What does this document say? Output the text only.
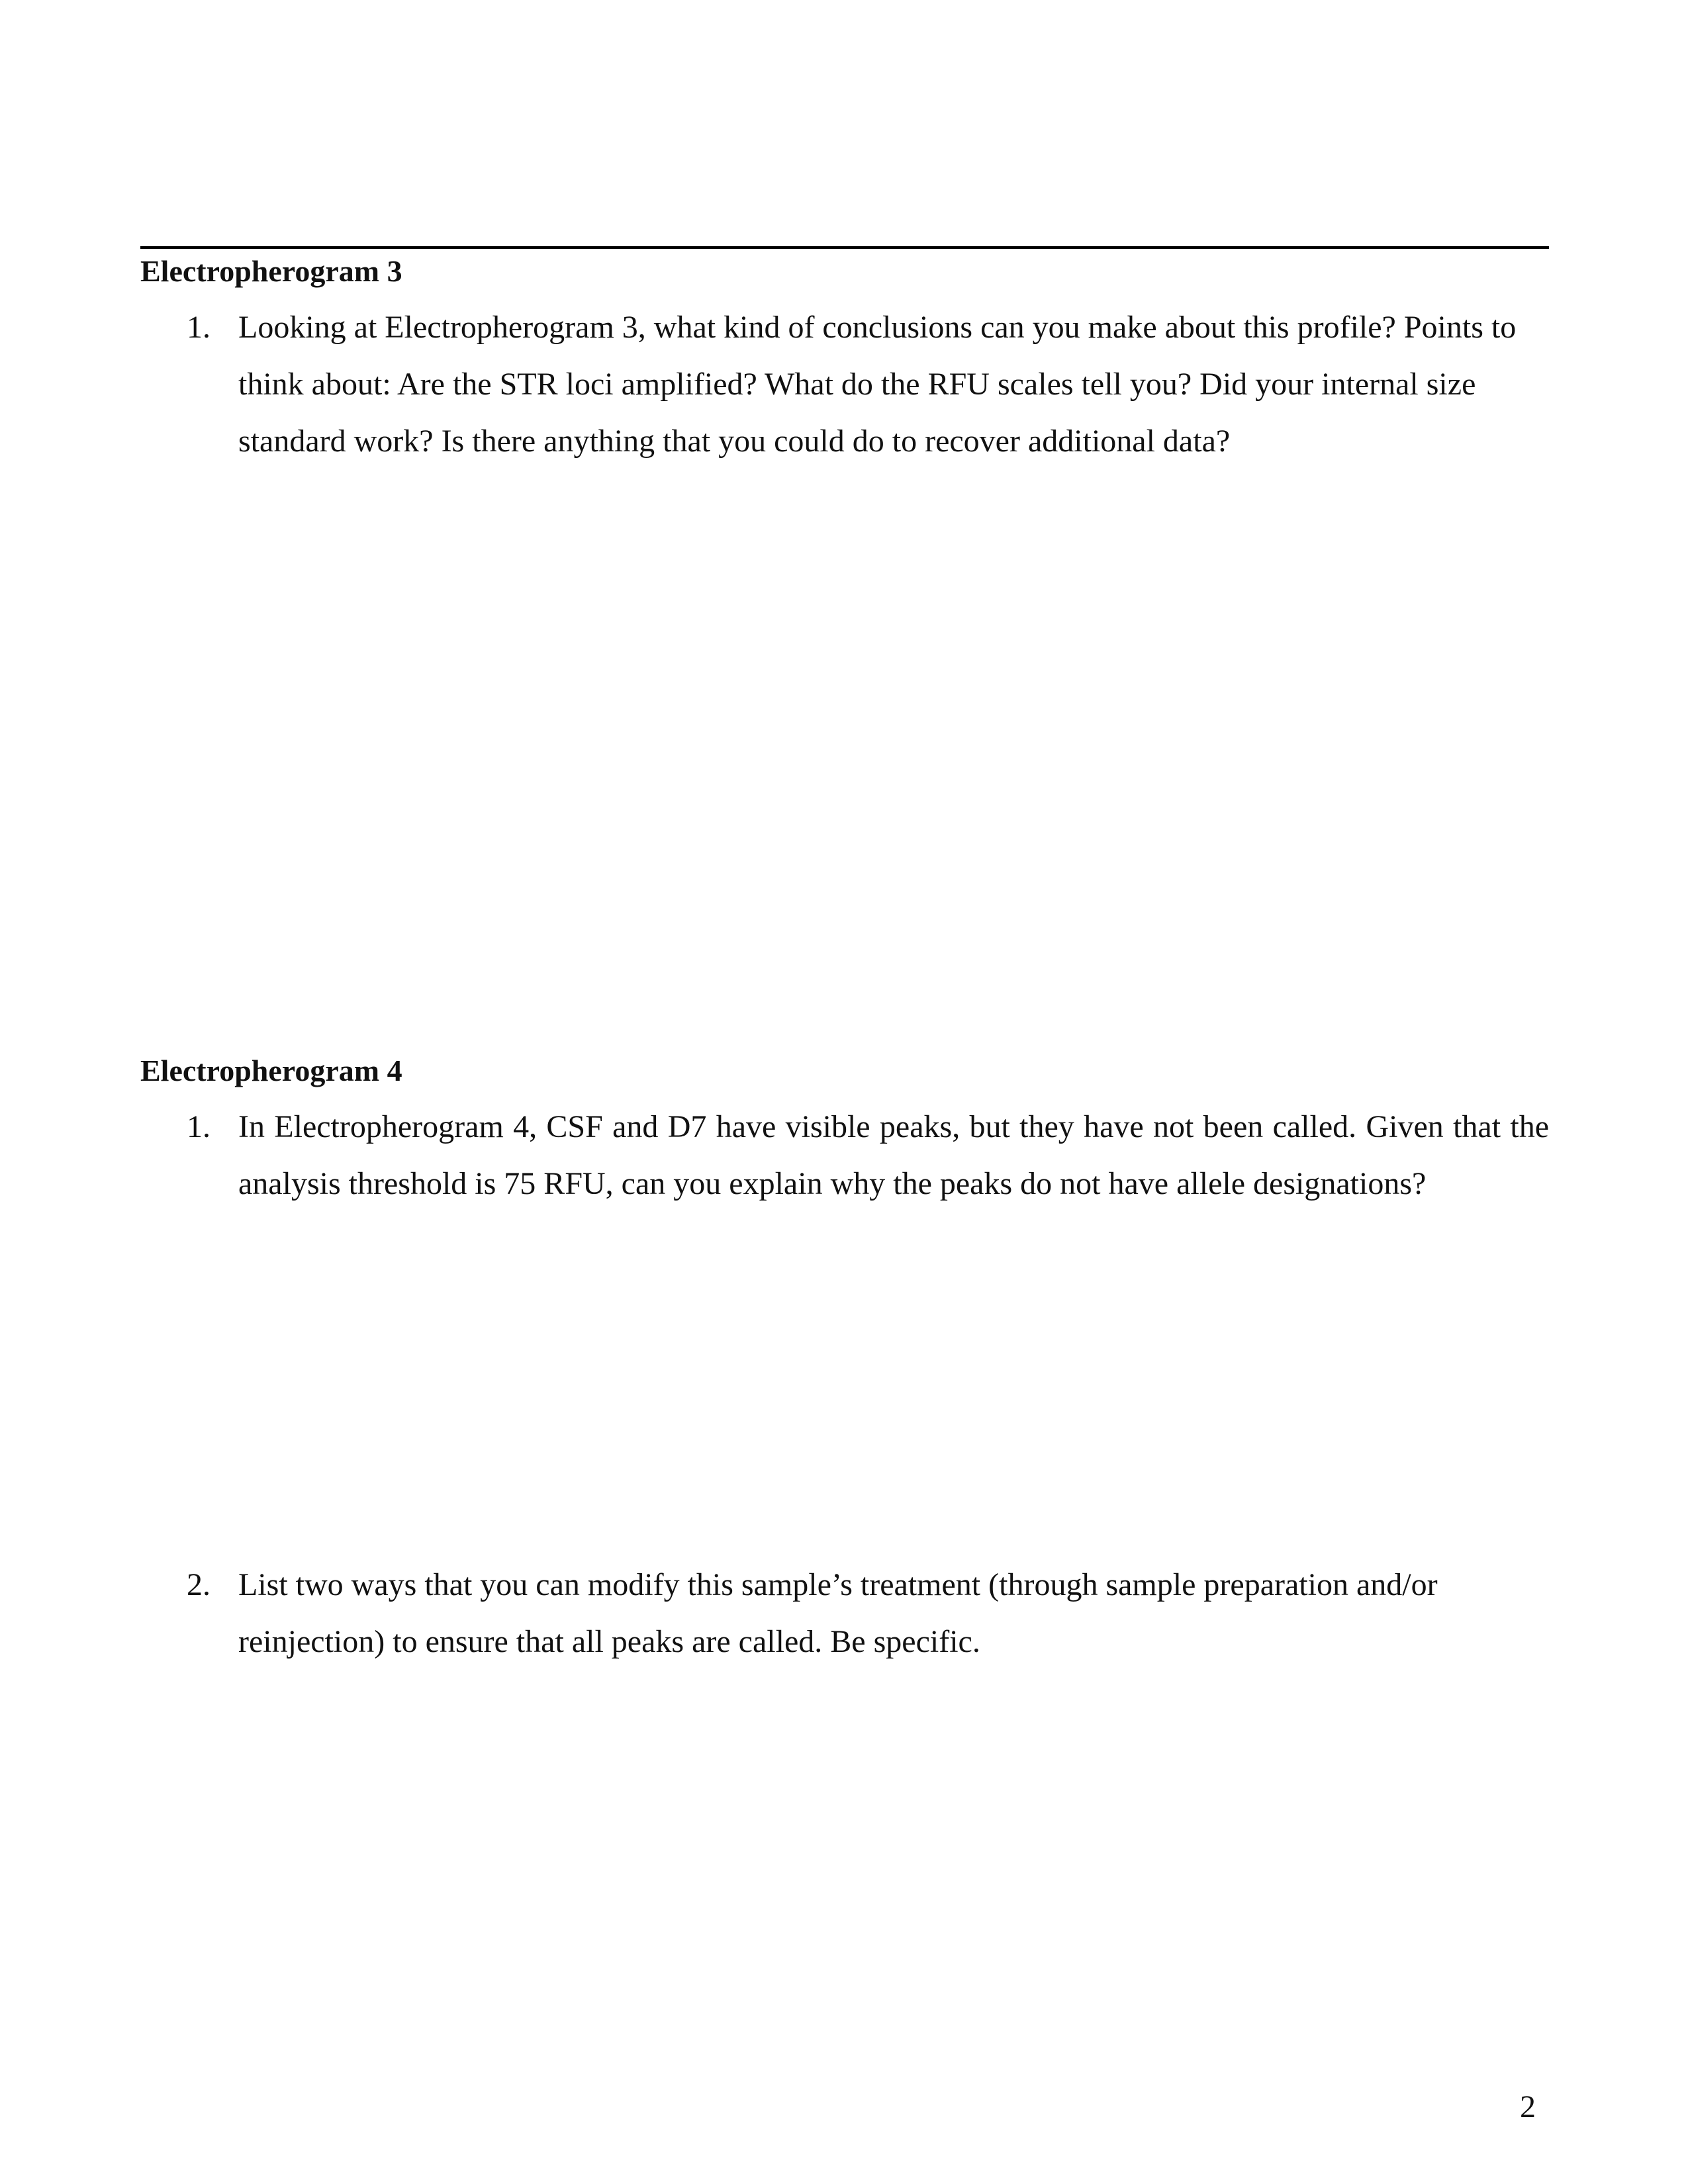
Electropherogram 3
1. Looking at Electropherogram 3, what kind of conclusions can you make about this profile? Points to think about: Are the STR loci amplified? What do the RFU scales tell you? Did your internal size standard work? Is there anything that you could do to recover additional data?
Electropherogram 4
1. In Electropherogram 4, CSF and D7 have visible peaks, but they have not been called. Given that the analysis threshold is 75 RFU, can you explain why the peaks do not have allele designations?
2. List two ways that you can modify this sample’s treatment (through sample preparation and/or reinjection) to ensure that all peaks are called. Be specific.
2
